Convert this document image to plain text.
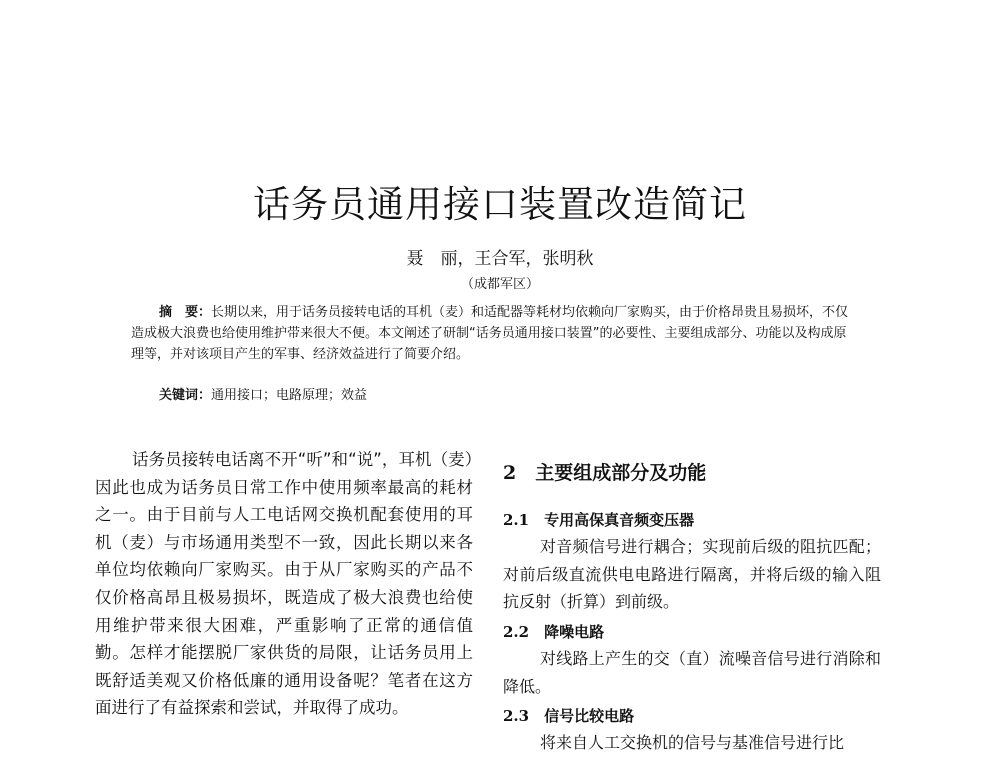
话务员通用接口装置改造简记
聂　丽，王合军，张明秋
（成都军区）

摘　要：长期以来，用于话务员接转电话的耳机（麦）和适配器等耗材均依赖向厂家购买，由于价格昂贵且易损坏，不仅造成极大浪费也给使用维护带来很大不便。本文阐述了研制“话务员通用接口装置”的必要性、主要组成部分、功能以及构成原理等，并对该项目产生的军事、经济效益进行了简要介绍。

关键词：通用接口；电路原理；效益

话务员接转电话离不开“听”和“说”，耳机（麦）因此也成为话务员日常工作中使用频率最高的耗材之一。由于目前与人工电话网交换机配套使用的耳机（麦）与市场通用类型不一致，因此长期以来各单位均依赖向厂家购买。由于从厂家购买的产品不仅价格高昂且极易损坏，既造成了极大浪费也给使用维护带来很大困难，严重影响了正常的通信值勤。怎样才能摆脱厂家供货的局限，让话务员用上既舒适美观又价格低廉的通用设备呢？笔者在这方面进行了有益探索和尝试，并取得了成功。

2　主要组成部分及功能
2.1　专用高保真音频变压器

对音频信号进行耦合；实现前后级的阻抗匹配；对前后级直流供电电路进行隔离，并将后级的输入阻抗反射（折算）到前级。

2.2　降噪电路

对线路上产生的交（直）流噪音信号进行消除和降低。

2.3　信号比较电路

将来自人工交换机的信号与基准信号进行比
